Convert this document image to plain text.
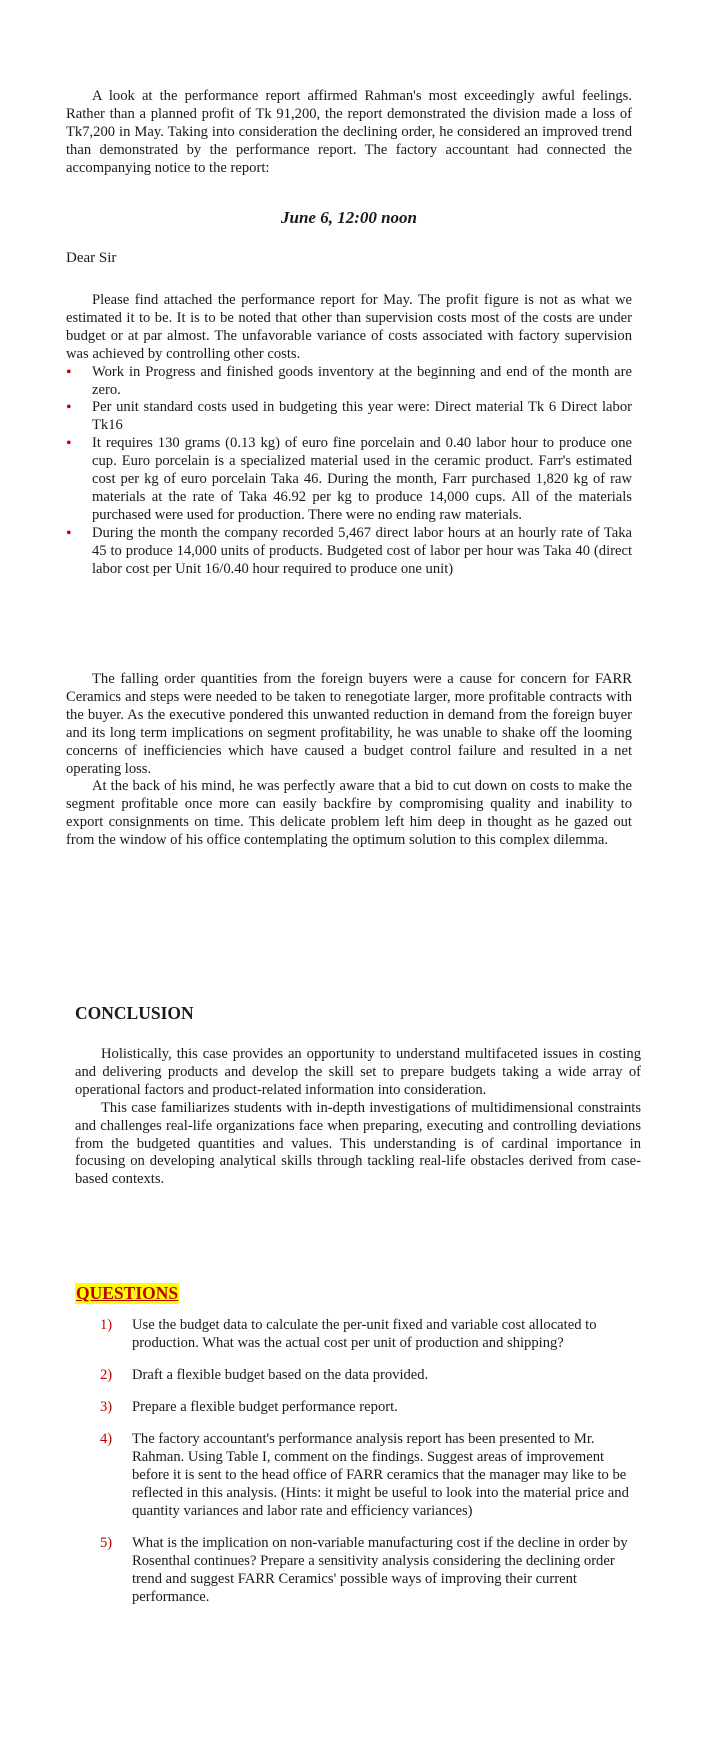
A look at the performance report affirmed Rahman's most exceedingly awful feelings. Rather than a planned profit of Tk 91,200, the report demonstrated the division made a loss of Tk7,200 in May. Taking into consideration the declining order, he considered an improved trend than demonstrated by the performance report. The factory accountant had connected the accompanying notice to the report:

June 6, 12:00 noon
Dear Sir

Please find attached the performance report for May. The profit figure is not as what we estimated it to be. It is to be noted that other than supervision costs most of the costs are under budget or at par almost. The unfavorable variance of costs associated with factory supervision was achieved by controlling other costs.

• Work in Progress and finished goods inventory at the beginning and end of the month are zero.
• Per unit standard costs used in budgeting this year were: Direct material Tk 6 Direct labor Tk16
• It requires 130 grams (0.13 kg) of euro fine porcelain and 0.40 labor hour to produce one cup. Euro porcelain is a specialized material used in the ceramic product. Farr's estimated cost per kg of euro porcelain Taka 46. During the month, Farr purchased 1,820 kg of raw materials at the rate of Taka 46.92 per kg to produce 14,000 cups. All of the materials purchased were used for production. There were no ending raw materials.
• During the month the company recorded 5,467 direct labor hours at an hourly rate of Taka 45 to produce 14,000 units of products. Budgeted cost of labor per hour was Taka 40 (direct labor cost per Unit 16/0.40 hour required to produce one unit)

The falling order quantities from the foreign buyers were a cause for concern for FARR Ceramics and steps were needed to be taken to renegotiate larger, more profitable contracts with the buyer. As the executive pondered this unwanted reduction in demand from the foreign buyer and its long term implications on segment profitability, he was unable to shake off the looming concerns of inefficiencies which have caused a budget control failure and resulted in a net operating loss.

At the back of his mind, he was perfectly aware that a bid to cut down on costs to make the segment profitable once more can easily backfire by compromising quality and inability to export consignments on time. This delicate problem left him deep in thought as he gazed out from the window of his office contemplating the optimum solution to this complex dilemma.

CONCLUSION

Holistically, this case provides an opportunity to understand multifaceted issues in costing and delivering products and develop the skill set to prepare budgets taking a wide array of operational factors and product-related information into consideration.

This case familiarizes students with in-depth investigations of multidimensional constraints and challenges real-life organizations face when preparing, executing and controlling deviations from the budgeted quantities and values. This understanding is of cardinal importance in focusing on developing analytical skills through tackling real-life obstacles derived from case-based contexts.

QUESTIONS
1) Use the budget data to calculate the per-unit fixed and variable cost allocated to production. What was the actual cost per unit of production and shipping?
2) Draft a flexible budget based on the data provided.
3) Prepare a flexible budget performance report.
4) The factory accountant's performance analysis report has been presented to Mr. Rahman. Using Table I, comment on the findings. Suggest areas of improvement before it is sent to the head office of FARR ceramics that the manager may like to be reflected in this analysis. (Hints: it might be useful to look into the material price and quantity variances and labor rate and efficiency variances)
5) What is the implication on non-variable manufacturing cost if the decline in order by Rosenthal continues? Prepare a sensitivity analysis considering the declining order trend and suggest FARR Ceramics' possible ways of improving their current performance.
